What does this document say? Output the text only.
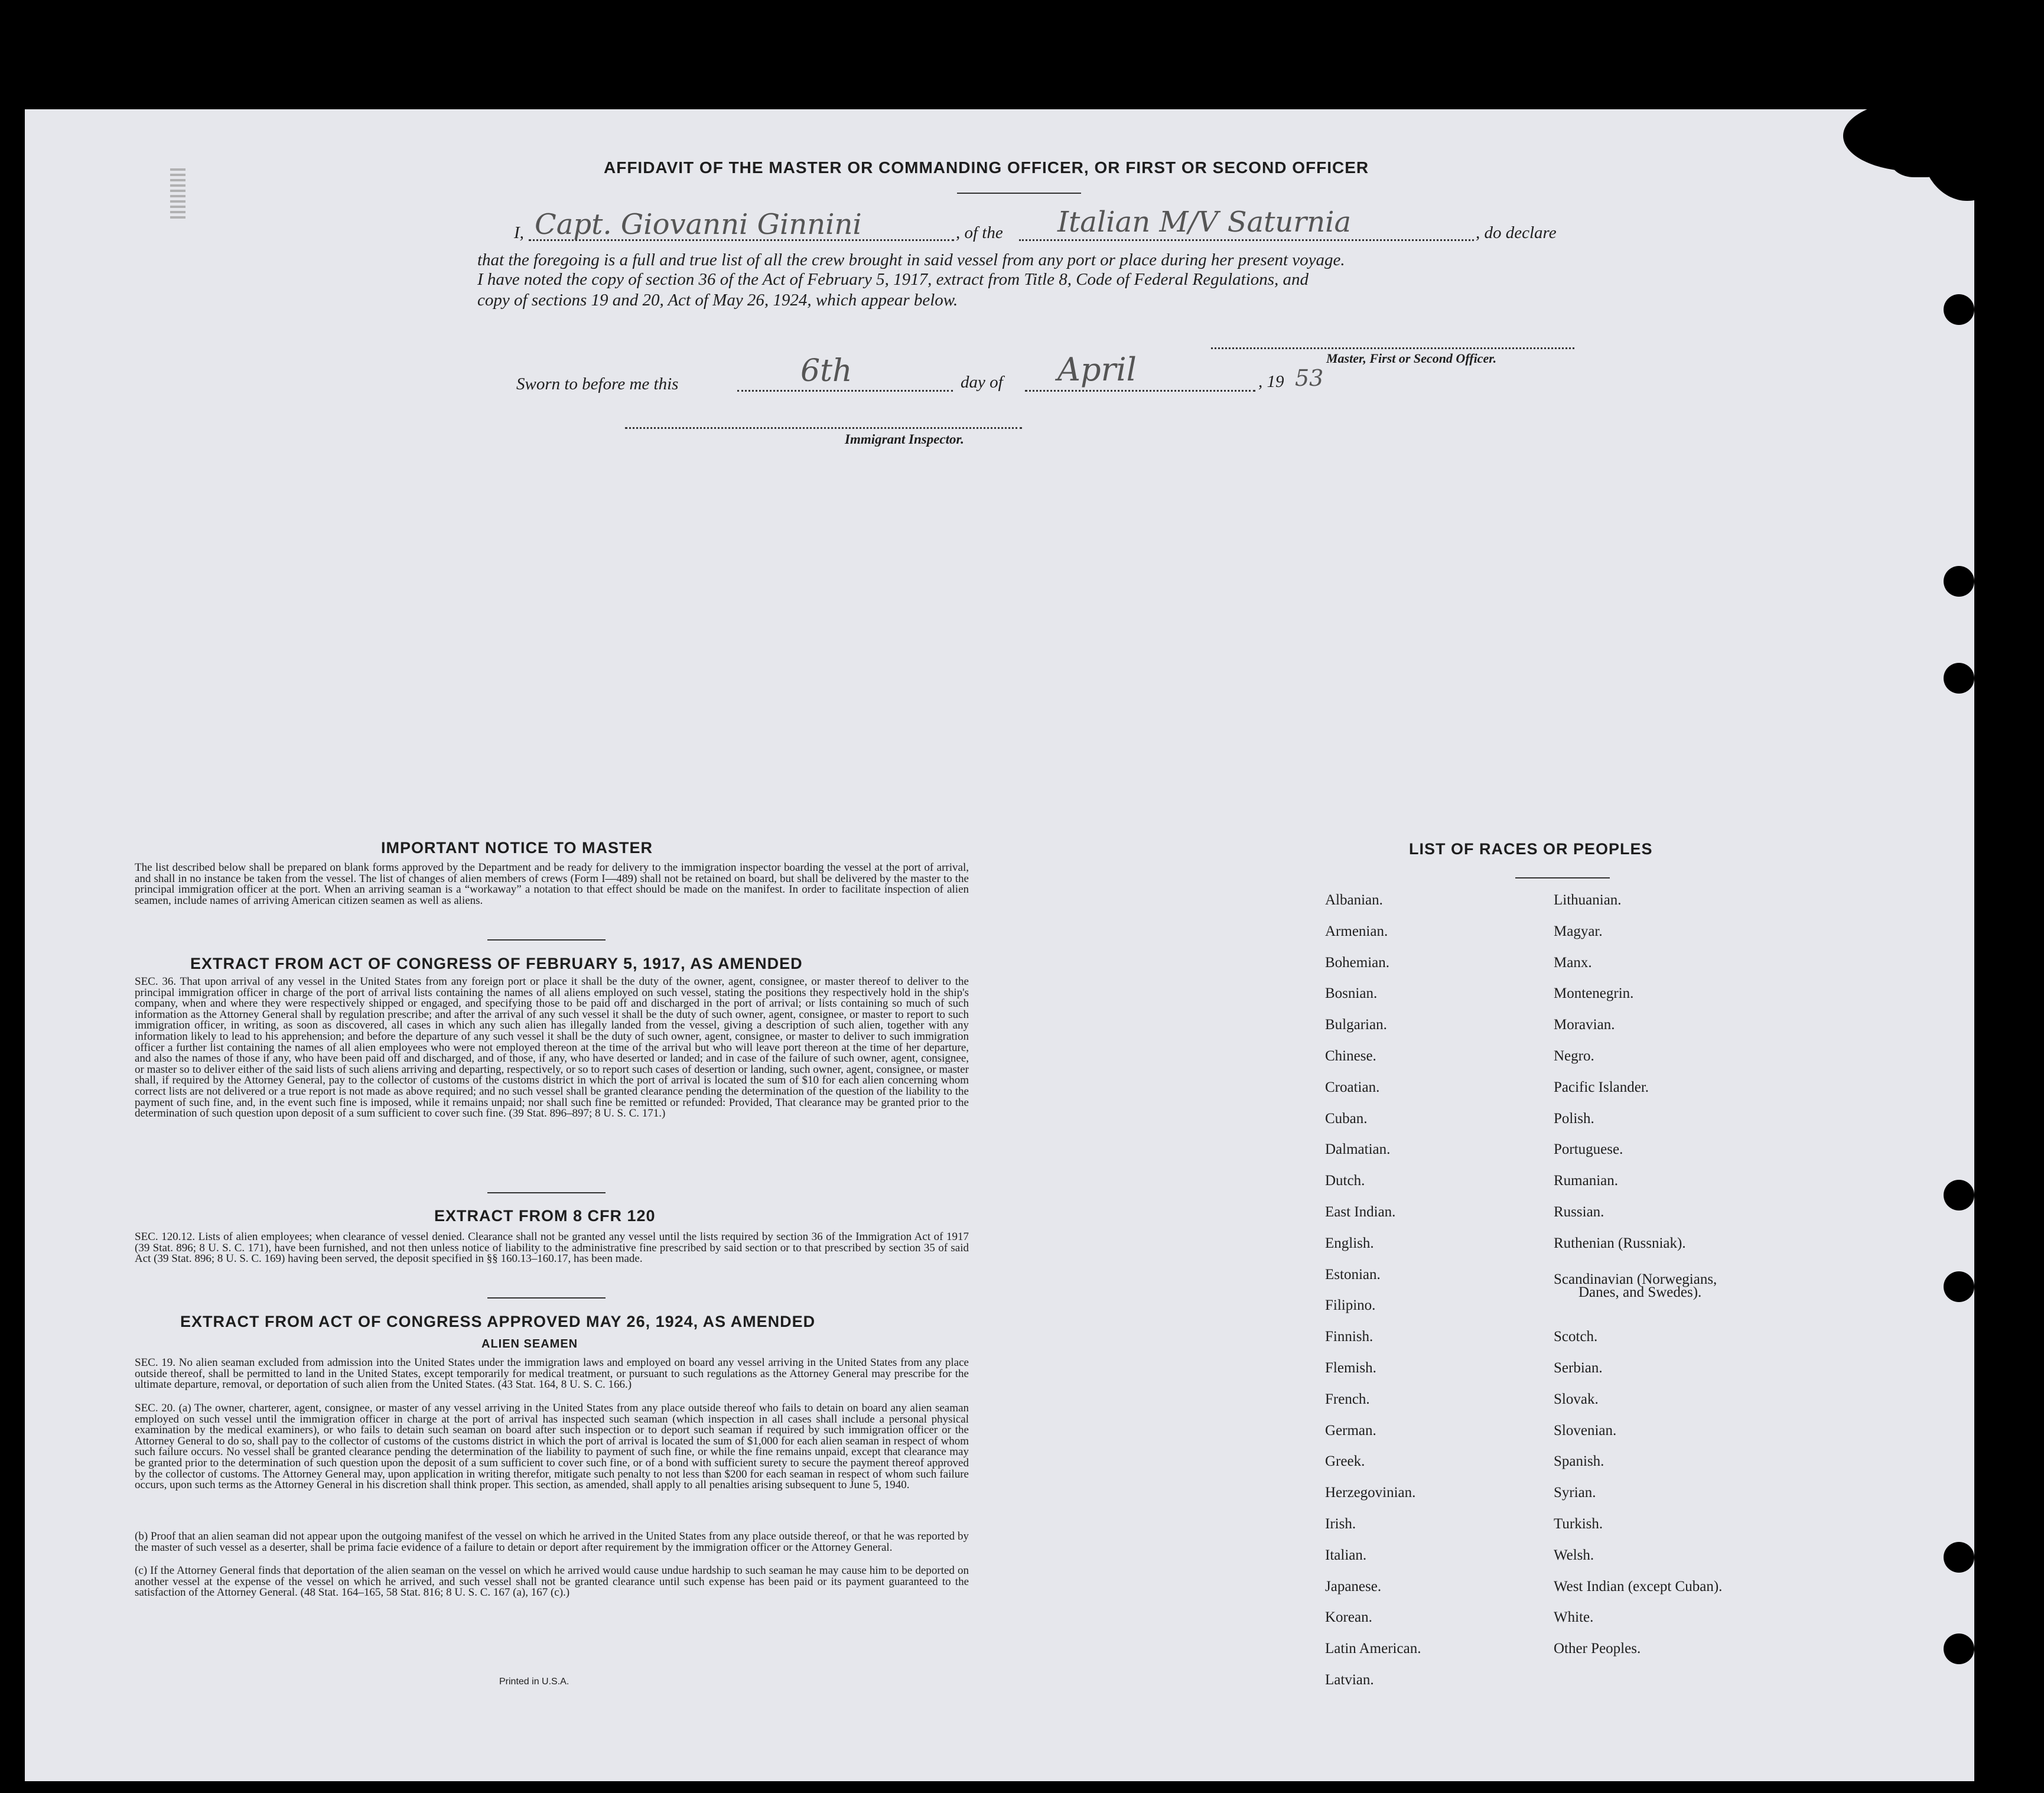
AFFIDAVIT OF THE MASTER OR COMMANDING OFFICER, OR FIRST OR SECOND OFFICER
I, Capt. Giovanni Ginnini	, of the Italian M/V Saturnia	, do declare
that the foregoing is a full and true list of all the crew brought in said vessel from any port or place during her present voyage.
I have noted the copy of section 36 of the Act of February 5, 1917, extract from Title 8, Code of Federal Regulations, and
copy of sections 19 and 20, Act of May 26, 1924, which appear below.
Master, First or Second Officer.
Sworn to before me this	6th	day of April	, 19 53
Immigrant Inspector.
IMPORTANT NOTICE TO MASTER
The list described below shall be prepared on blank forms approved by the Department and be ready for delivery to the immigration inspector boarding the vessel at the port of arrival, and shall in no instance be taken from the vessel. The list of changes of alien members of crews (Form I—489) shall not be retained on board, but shall be delivered by the master to the principal immigration officer at the port. When an arriving seaman is a “workaway” a notation to that effect should be made on the manifest. In order to facilitate inspection of alien seamen, include names of arriving American citizen seamen as well as aliens.
EXTRACT FROM ACT OF CONGRESS OF FEBRUARY 5, 1917, AS AMENDED
SEC. 36. That upon arrival of any vessel in the United States from any foreign port or place it shall be the duty of the owner, agent, consignee, or master thereof to deliver to the principal immigration officer in charge of the port of arrival lists containing the names of all aliens employed on such vessel, stating the positions they respectively hold in the ship's company, when and where they were respectively shipped or engaged, and specifying those to be paid off and discharged in the port of arrival; or lists containing so much of such information as the Attorney General shall by regulation prescribe; and after the arrival of any such vessel it shall be the duty of such owner, agent, consignee, or master to report to such immigration officer, in writing, as soon as discovered, all cases in which any such alien has illegally landed from the vessel, giving a description of such alien, together with any information likely to lead to his apprehension; and before the departure of any such vessel it shall be the duty of such owner, agent, consignee, or master to deliver to such immigration officer a further list containing the names of all alien employees who were not employed thereon at the time of the arrival but who will leave port thereon at the time of her departure, and also the names of those if any, who have been paid off and discharged, and of those, if any, who have deserted or landed; and in case of the failure of such owner, agent, consignee, or master so to deliver either of the said lists of such aliens arriving and departing, respectively, or so to report such cases of desertion or landing, such owner, agent, consignee, or master shall, if required by the Attorney General, pay to the collector of customs of the customs district in which the port of arrival is located the sum of $10 for each alien concerning whom correct lists are not delivered or a true report is not made as above required; and no such vessel shall be granted clearance pending the determination of the question of the liability to the payment of such fine, and, in the event such fine is imposed, while it remains unpaid; nor shall such fine be remitted or refunded: Provided, That clearance may be granted prior to the determination of such question upon deposit of a sum sufficient to cover such fine. (39 Stat. 896–897; 8 U. S. C. 171.)
EXTRACT FROM 8 CFR 120
SEC. 120.12. Lists of alien employees; when clearance of vessel denied. Clearance shall not be granted any vessel until the lists required by section 36 of the Immigration Act of 1917 (39 Stat. 896; 8 U. S. C. 171), have been furnished, and not then unless notice of liability to the administrative fine prescribed by said section or to that prescribed by section 35 of said Act (39 Stat. 896; 8 U. S. C. 169) having been served, the deposit specified in §§ 160.13–160.17, has been made.
EXTRACT FROM ACT OF CONGRESS APPROVED MAY 26, 1924, AS AMENDED
ALIEN SEAMEN
SEC. 19. No alien seaman excluded from admission into the United States under the immigration laws and employed on board any vessel arriving in the United States from any place outside thereof, shall be permitted to land in the United States, except temporarily for medical treatment, or pursuant to such regulations as the Attorney General may prescribe for the ultimate departure, removal, or deportation of such alien from the United States. (43 Stat. 164, 8 U. S. C. 166.)
SEC. 20. (a) The owner, charterer, agent, consignee, or master of any vessel arriving in the United States from any place outside thereof who fails to detain on board any alien seaman employed on such vessel until the immigration officer in charge at the port of arrival has inspected such seaman (which inspection in all cases shall include a personal physical examination by the medical examiners), or who fails to detain such seaman on board after such inspection or to deport such seaman if required by such immigration officer or the Attorney General to do so, shall pay to the collector of customs of the customs district in which the port of arrival is located the sum of $1,000 for each alien seaman in respect of whom such failure occurs. No vessel shall be granted clearance pending the determination of the liability to payment of such fine, or while the fine remains unpaid, except that clearance may be granted prior to the determination of such question upon the deposit of a sum sufficient to cover such fine, or of a bond with sufficient surety to secure the payment thereof approved by the collector of customs. The Attorney General may, upon application in writing therefor, mitigate such penalty to not less than $200 for each seaman in respect of whom such failure occurs, upon such terms as the Attorney General in his discretion shall think proper. This section, as amended, shall apply to all penalties arising subsequent to June 5, 1940.
(b) Proof that an alien seaman did not appear upon the outgoing manifest of the vessel on which he arrived in the United States from any place outside thereof, or that he was reported by the master of such vessel as a deserter, shall be prima facie evidence of a failure to detain or deport after requirement by the immigration officer or the Attorney General.
(c) If the Attorney General finds that deportation of the alien seaman on the vessel on which he arrived would cause undue hardship to such seaman he may cause him to be deported on another vessel at the expense of the vessel on which he arrived, and such vessel shall not be granted clearance until such expense has been paid or its payment guaranteed to the satisfaction of the Attorney General. (48 Stat. 164–165, 58 Stat. 816; 8 U. S. C. 167 (a), 167 (c).)
Printed in U.S.A.
LIST OF RACES OR PEOPLES
Albanian.
Armenian.
Bohemian.
Bosnian.
Bulgarian.
Chinese.
Croatian.
Cuban.
Dalmatian.
Dutch.
East Indian.
English.
Estonian.
Filipino.
Finnish.
Flemish.
French.
German.
Greek.
Herzegovinian.
Irish.
Italian.
Japanese.
Korean.
Latin American.
Latvian.
Lithuanian.
Magyar.
Manx.
Montenegrin.
Moravian.
Negro.
Pacific Islander.
Polish.
Portuguese.
Rumanian.
Russian.
Ruthenian (Russniak).
Scandinavian (Norwegians,
Danes, and Swedes).
Scotch.
Serbian.
Slovak.
Slovenian.
Spanish.
Syrian.
Turkish.
Welsh.
West Indian (except Cuban).
White.
Other Peoples.
